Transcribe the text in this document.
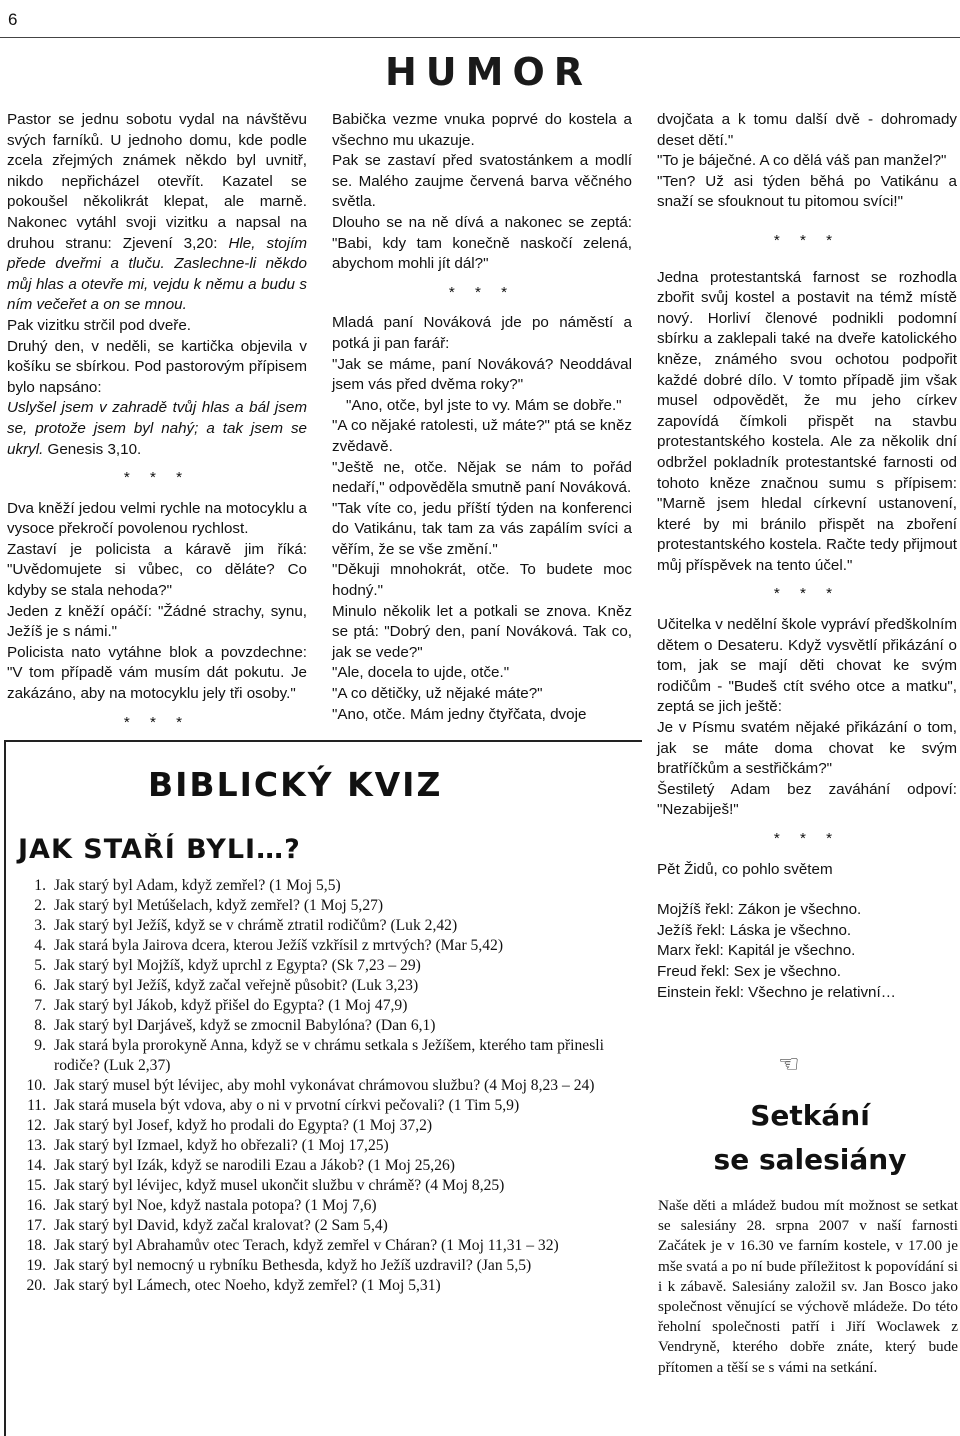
6
HUMOR

Pastor se jednu sobotu vydal na návštěvu svých farníků. U jednoho domu, kde podle zcela zřejmých známek někdo byl uvnitř, nikdo nepřicházel otevřít. Kazatel se pokoušel několikrát klepat, ale marně. Nakonec vytáhl svoji vizitku a napsal na druhou stranu: Zjevení 3,20: Hle, stojím přede dveřmi a tluču. Zaslechne-li někdo můj hlas a otevře mi, vejdu k němu a budu s ním večeřet a on se mnou.

Pak vizitku strčil pod dveře.

Druhý den, v neděli, se kartička objevila v košíku se sbírkou. Pod pastorovým přípisem bylo napsáno:

Uslyšel jsem v zahradě tvůj hlas a bál jsem se, protože jsem byl nahý; a tak jsem se ukryl. Genesis 3,10.

* * *

Dva kněží jedou velmi rychle na motocyklu a vysoce překročí povolenou rychlost.

Zastaví je policista a káravě jim říká: "Uvědomujete si vůbec, co děláte? Co kdyby se stala nehoda?"

Jeden z kněží opáčí: "Žádné strachy, synu, Ježíš je s námi."

Policista nato vytáhne blok a povzdechne: "V tom případě vám musím dát pokutu. Je zakázáno, aby na motocyklu jely tři osoby."

* * *

Babička vezme vnuka poprvé do kostela a všechno mu ukazuje.

Pak se zastaví před svatostánkem a modlí se. Malého zaujme červená barva věčného světla.

Dlouho se na ně dívá a nakonec se zeptá: "Babi, kdy tam konečně naskočí zelená, abychom mohli jít dál?"

* * *

Mladá paní Nováková jde po náměstí a potká ji pan farář:

"Jak se máme, paní Nováková? Neoddával jsem vás před dvěma roky?"

"Ano, otče, byl jste to vy. Mám se dobře."

"A co nějaké ratolesti, už máte?" ptá se kněz zvědavě.

"Ještě ne, otče. Nějak se nám to pořád nedaří," odpověděla smutně paní Nováková.

"Tak víte co, jedu příští týden na konferenci do Vatikánu, tak tam za vás zapálím svíci a věřím, že se vše změní."

"Děkuji mnohokrát, otče. To budete moc hodný."

Minulo několik let a potkali se znova. Kněz se ptá: "Dobrý den, paní Nováková. Tak co, jak se vede?"

"Ale, docela to ujde, otče."

"A co dětičky, už nějaké máte?"

"Ano, otče. Mám jedny čtyřčata, dvoje

dvojčata a k tomu další dvě - dohromady deset dětí."

"To je báječné. A co dělá váš pan manžel?"

"Ten? Už asi týden běhá po Vatikánu a snaží se sfouknout tu pitomou svíci!"

* * *

Jedna protestantská farnost se rozhodla zbořit svůj kostel a postavit na témž místě nový. Horliví členové podnikli podomní sbírku a zaklepali také na dveře katolického kněze, známého svou ochotou podpořit každé dobré dílo. V tomto případě jim však musel odpovědět, že mu jeho církev zapovídá čímkoli přispět na stavbu protestantského kostela. Ale za několik dní odbržel pokladník protestantské farnosti od tohoto kněze značnou sumu s přípisem: "Marně jsem hledal církevní ustanovení, které by mi bránilo přispět na zboření protestantského kostela. Račte tedy přijmout můj příspěvek na tento účel."

* * *

Učitelka v nedělní škole vypráví předškolním dětem o Desateru. Když vysvětlí přikázání o tom, jak se mají děti chovat ke svým rodičům - "Budeš ctít svého otce a matku", zeptá se jich ještě:

Je v Písmu svatém nějaké přikázání o tom, jak se máte doma chovat ke svým bratříčkům a sestřičkám?"

Šestiletý Adam bez zaváhání odpoví: "Nezabiješ!"

* * *

Pět Židů, co pohlo světem

Mojžíš řekl: Zákon je všechno.

Ježíš řekl: Láska je všechno.

Marx řekl: Kapitál je všechno.

Freud řekl: Sex je všechno.

Einstein řekl: Všechno je relativní…

BIBLICKÝ KVIZ
JAK STAŘÍ BYLI…?
1. Jak starý byl Adam, když zemřel? (1 Moj 5,5)
2. Jak starý byl Metúšelach, když zemřel? (1 Moj 5,27)
3. Jak starý byl Ježíš, když se v chrámě ztratil rodičům? (Luk 2,42)
4. Jak stará byla Jairova dcera, kterou Ježíš vzkřísil z mrtvých? (Mar 5,42)
5. Jak starý byl Mojžíš, když uprchl z Egypta? (Sk 7,23 – 29)
6. Jak starý byl Ježíš, když začal veřejně působit? (Luk 3,23)
7. Jak starý byl Jákob, když přišel do Egypta? (1 Moj 47,9)
8. Jak starý byl Darjáveš, když se zmocnil Babylóna? (Dan 6,1)
9. Jak stará byla prorokyně Anna, když se v chrámu setkala s Ježíšem, kterého tam přinesli rodiče? (Luk 2,37)
10. Jak starý musel být lévijec, aby mohl vykonávat chrámovou službu? (4 Moj 8,23 – 24)
11. Jak stará musela být vdova, aby o ni v prvotní církvi pečovali? (1 Tim 5,9)
12. Jak starý byl Josef, když ho prodali do Egypta? (1 Moj 37,2)
13. Jak starý byl Izmael, když ho obřezali? (1 Moj 17,25)
14. Jak starý byl Izák, když se narodili Ezau a Jákob? (1 Moj 25,26)
15. Jak starý byl lévijec, když musel ukončit službu v chrámě? (4 Moj 8,25)
16. Jak starý byl Noe, když nastala potopa? (1 Moj 7,6)
17. Jak starý byl David, když začal kralovat? (2 Sam 5,4)
18. Jak starý byl Abrahamův otec Terach, když zemřel v Cháran? (1 Moj 11,31 – 32)
19. Jak starý byl nemocný u rybníku Bethesda, když ho Ježíš uzdravil? (Jan 5,5)
20. Jak starý byl Lámech, otec Noeho, když zemřel? (1 Moj 5,31)
☜
Setkání
se salesiány
Naše děti a mládež budou mít možnost se setkat se salesiány 28. srpna 2007 v naší farnosti Začátek je v 16.30 ve farním kostele, v 17.00 je mše svatá a po ní bude příležitost k popovídání si i k zábavě. Salesiány založil sv. Jan Bosco jako společnost věnující se výchově mládeže. Do této řeholní společnosti patří i Jiří Woclawek z Vendryně, kterého dobře znáte, který bude přítomen a těší se s vámi na setkání.
